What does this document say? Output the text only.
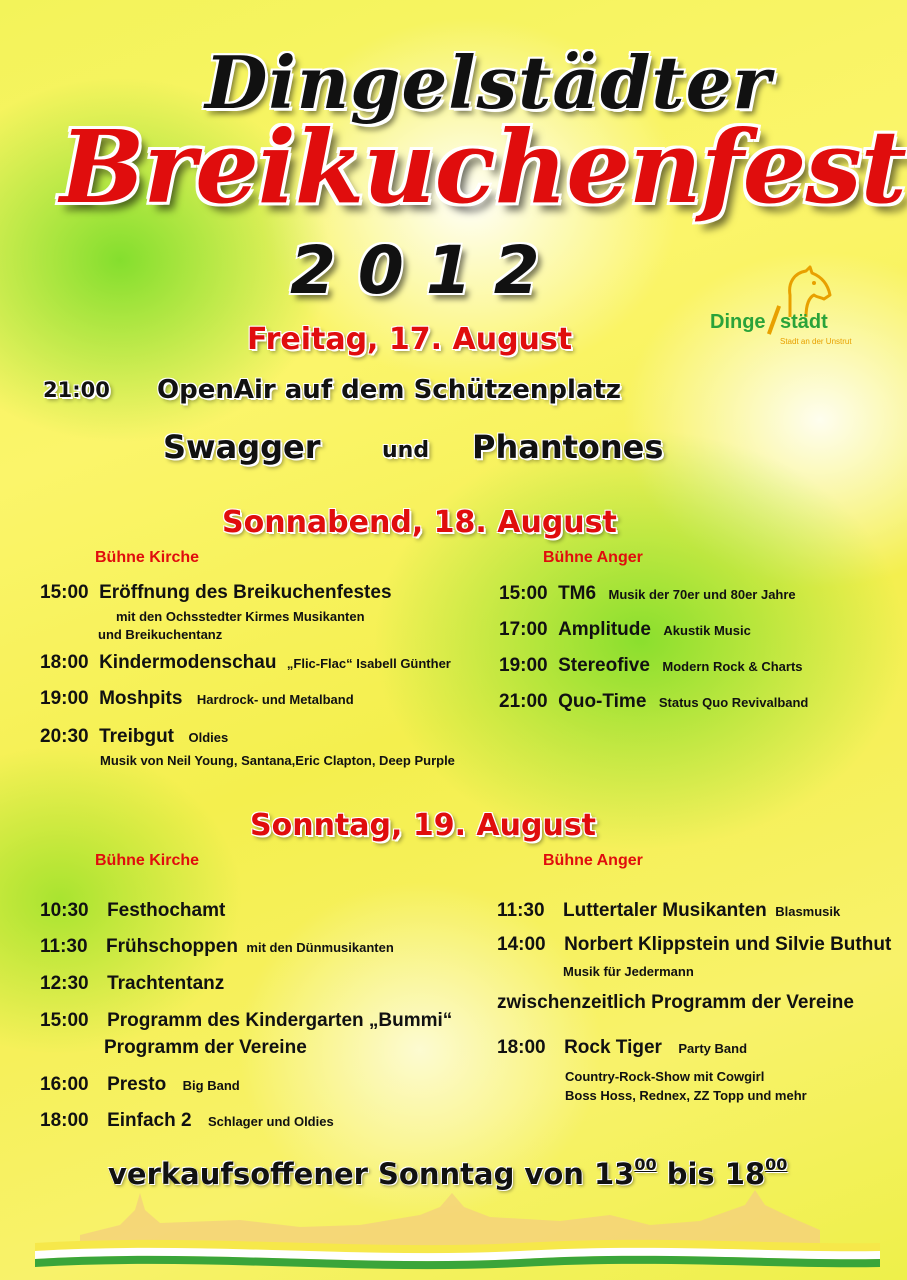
Dingelstädter
Breikuchenfest
2012
Dinge städt
Stadt an der Unstrut
Freitag, 17. August
21:00 OpenAir auf dem Schützenplatz
Swagger	und Phantones
Sonnabend, 18. August
Bühne Kirche	Bühne Anger
15:00 Eröffnung des Breikuchenfestes
mit den Ochsstedter Kirmes Musikanten
und Breikuchentanz
18:00 Kindermodenschau „Flic-Flac“ Isabell Günther
19:00 Moshpits Hardrock- und Metalband
20:30 Treibgut Oldies
Musik von Neil Young, Santana,Eric Clapton, Deep Purple
15:00 TM6 Musik der 70er und 80er Jahre
17:00 Amplitude Akustik Music
19:00 Stereofive Modern Rock & Charts
21:00 Quo-Time Status Quo Revivalband
Sonntag, 19. August
Bühne Kirche	Bühne Anger
10:30 Festhochamt
11:30 Frühschoppen mit den Dünmusikanten
12:30 Trachtentanz
15:00 Programm des Kindergarten „Bummi“
Programm der Vereine
16:00 Presto Big Band
18:00 Einfach 2 Schlager und Oldies
11:30 Luttertaler Musikanten Blasmusik
14:00 Norbert Klippstein und Silvie Buthut
Musik für Jedermann
zwischenzeitlich Programm der Vereine
18:00 Rock Tiger Party Band
Country-Rock-Show mit Cowgirl
Boss Hoss, Rednex, ZZ Topp und mehr
verkaufsoffener Sonntag von $13^{00}$ bis $18^{00}$
